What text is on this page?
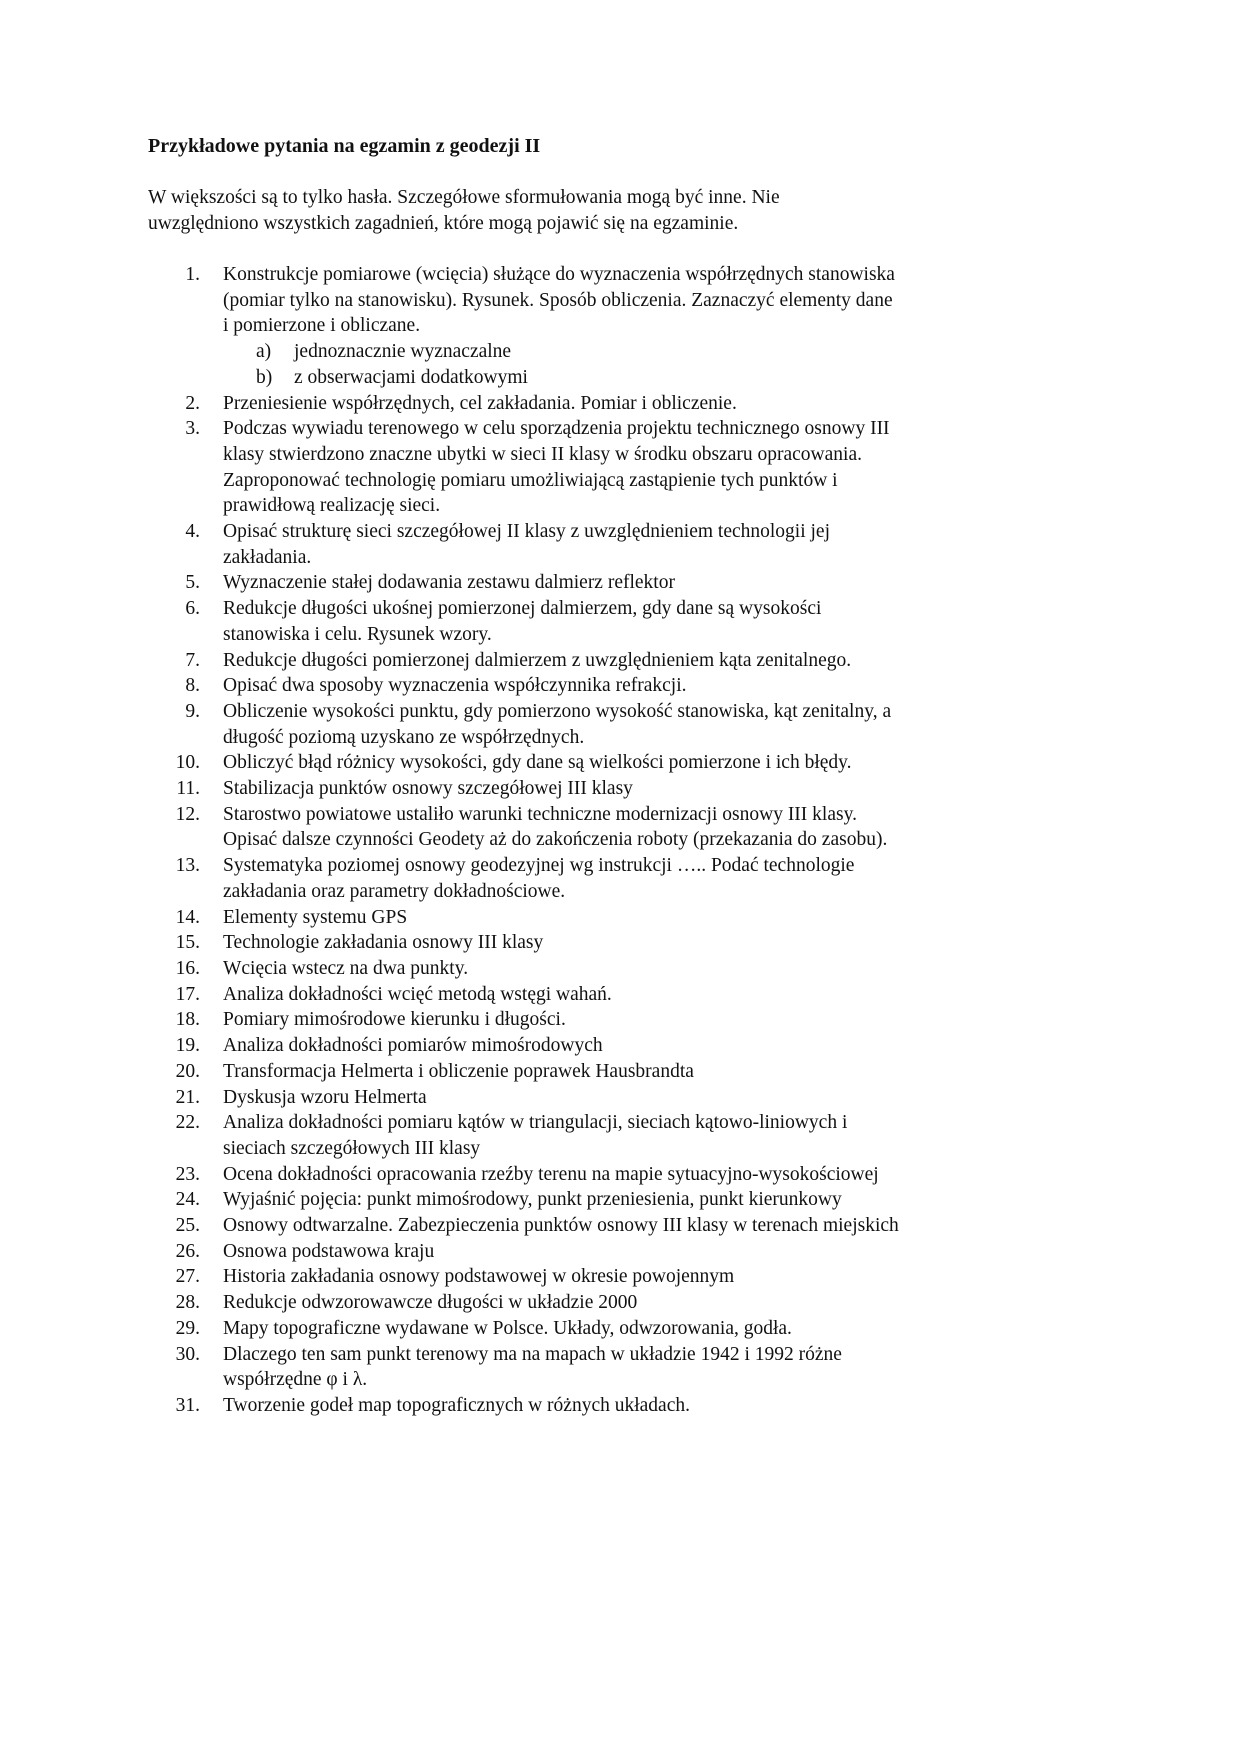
Przykładowe pytania na egzamin z geodezji II
W większości są to tylko hasła. Szczegółowe sformułowania mogą być inne. Nie
uwzględniono wszystkich zagadnień, które mogą pojawić się na egzaminie.
1. Konstrukcje pomiarowe (wcięcia) służące do wyznaczenia współrzędnych stanowiska
(pomiar tylko na stanowisku). Rysunek. Sposób obliczenia. Zaznaczyć elementy dane
i pomierzone i obliczane.
a)	jednoznacznie wyznaczalne
b)	z obserwacjami dodatkowymi
2. Przeniesienie współrzędnych, cel zakładania. Pomiar i obliczenie.
3. Podczas wywiadu terenowego w celu sporządzenia projektu technicznego osnowy III
klasy stwierdzono znaczne ubytki w sieci II klasy w środku obszaru opracowania.
Zaproponować technologię pomiaru umożliwiającą zastąpienie tych punktów i
prawidłową realizację sieci.
4. Opisać strukturę sieci szczegółowej II klasy z uwzględnieniem technologii jej
zakładania.
5. Wyznaczenie stałej dodawania zestawu dalmierz reflektor
6. Redukcje długości ukośnej pomierzonej dalmierzem, gdy dane są wysokości
stanowiska i celu. Rysunek wzory.
7. Redukcje długości pomierzonej dalmierzem z uwzględnieniem kąta zenitalnego.
8. Opisać dwa sposoby wyznaczenia współczynnika refrakcji.
9. Obliczenie wysokości punktu, gdy pomierzono wysokość stanowiska, kąt zenitalny, a
długość poziomą uzyskano ze współrzędnych.
10. Obliczyć błąd różnicy wysokości, gdy dane są wielkości pomierzone i ich błędy.
11. Stabilizacja punktów osnowy szczegółowej III klasy
12. Starostwo powiatowe ustaliło warunki techniczne modernizacji osnowy III klasy.
Opisać dalsze czynności Geodety aż do zakończenia roboty (przekazania do zasobu).
13. Systematyka poziomej osnowy geodezyjnej wg instrukcji ….. Podać technologie
zakładania oraz parametry dokładnościowe.
14. Elementy systemu GPS
15. Technologie zakładania osnowy III klasy
16. Wcięcia wstecz na dwa punkty.
17. Analiza dokładności wcięć metodą wstęgi wahań.
18. Pomiary mimośrodowe kierunku i długości.
19. Analiza dokładności pomiarów mimośrodowych
20. Transformacja Helmerta i obliczenie poprawek Hausbrandta
21. Dyskusja wzoru Helmerta
22. Analiza dokładności pomiaru kątów w triangulacji, sieciach kątowo-liniowych i
sieciach szczegółowych III klasy
23. Ocena dokładności opracowania rzeźby terenu na mapie sytuacyjno-wysokościowej
24. Wyjaśnić pojęcia: punkt mimośrodowy, punkt przeniesienia, punkt kierunkowy
25. Osnowy odtwarzalne. Zabezpieczenia punktów osnowy III klasy w terenach miejskich
26. Osnowa podstawowa kraju
27. Historia zakładania osnowy podstawowej w okresie powojennym
28. Redukcje odwzorowawcze długości w układzie 2000
29. Mapy topograficzne wydawane w Polsce. Układy, odwzorowania, godła.
30. Dlaczego ten sam punkt terenowy ma na mapach w układzie 1942 i 1992 różne
współrzędne φ i λ.
31. Tworzenie godeł map topograficznych w różnych układach.
